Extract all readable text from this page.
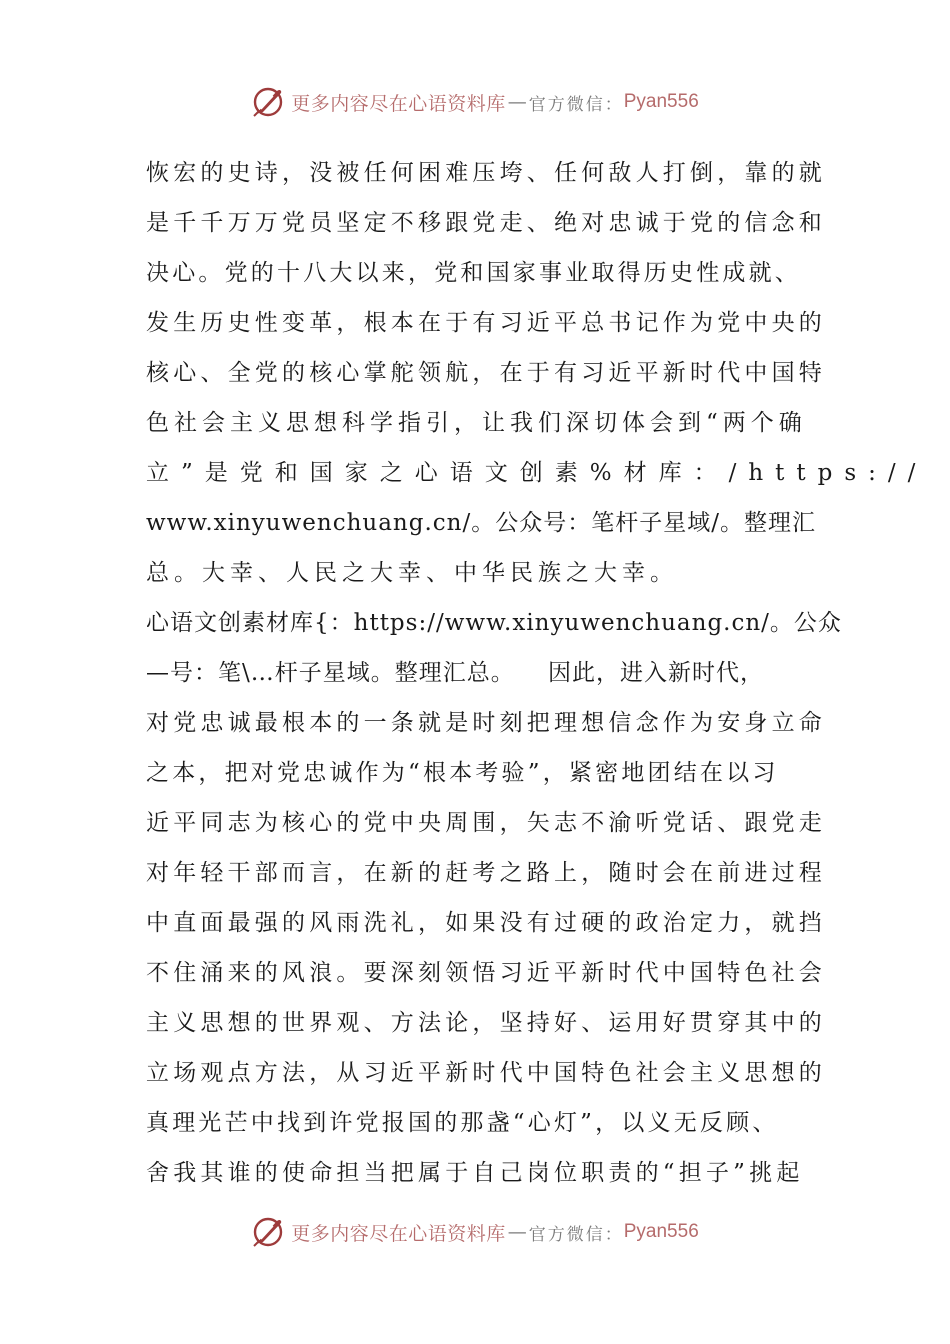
更多内容尽在心语资料库 — 官方微信： Pyan556
恢宏的史诗，没被任何困难压垮、任何敌人打倒，靠的就
是千千万万党员坚定不移跟党走、绝对忠诚于党的信念和
决心。党的十八大以来，党和国家事业取得历史性成就、
发生历史性变革，根本在于有习近平总书记作为党中央的
核心、全党的核心掌舵领航，在于有习近平新时代中国特
色社会主义思想科学指引，让我们深切体会到“两个确
立”是党和国家之心语文创素%材库：/https://
www.xinyuwenchuang.cn/。公众号：笔杆子星域/。整理汇
总。大幸、人民之大幸、中华民族之大幸。
心语文创素材库{：https://www.xinyuwenchuang.cn/。公众
—号：笔\…杆子星域。整理汇总。    因此，进入新时代，
对党忠诚最根本的一条就是时刻把理想信念作为安身立命
之本，把对党忠诚作为“根本考验”，紧密地团结在以习
近平同志为核心的党中央周围，矢志不渝听党话、跟党走
对年轻干部而言，在新的赶考之路上，随时会在前进过程
中直面最强的风雨洗礼，如果没有过硬的政治定力，就挡
不住涌来的风浪。要深刻领悟习近平新时代中国特色社会
主义思想的世界观、方法论，坚持好、运用好贯穿其中的
立场观点方法，从习近平新时代中国特色社会主义思想的
真理光芒中找到许党报国的那盏“心灯”，以义无反顾、
舍我其谁的使命担当把属于自己岗位职责的“担子”挑起
更多内容尽在心语资料库 — 官方微信： Pyan556
